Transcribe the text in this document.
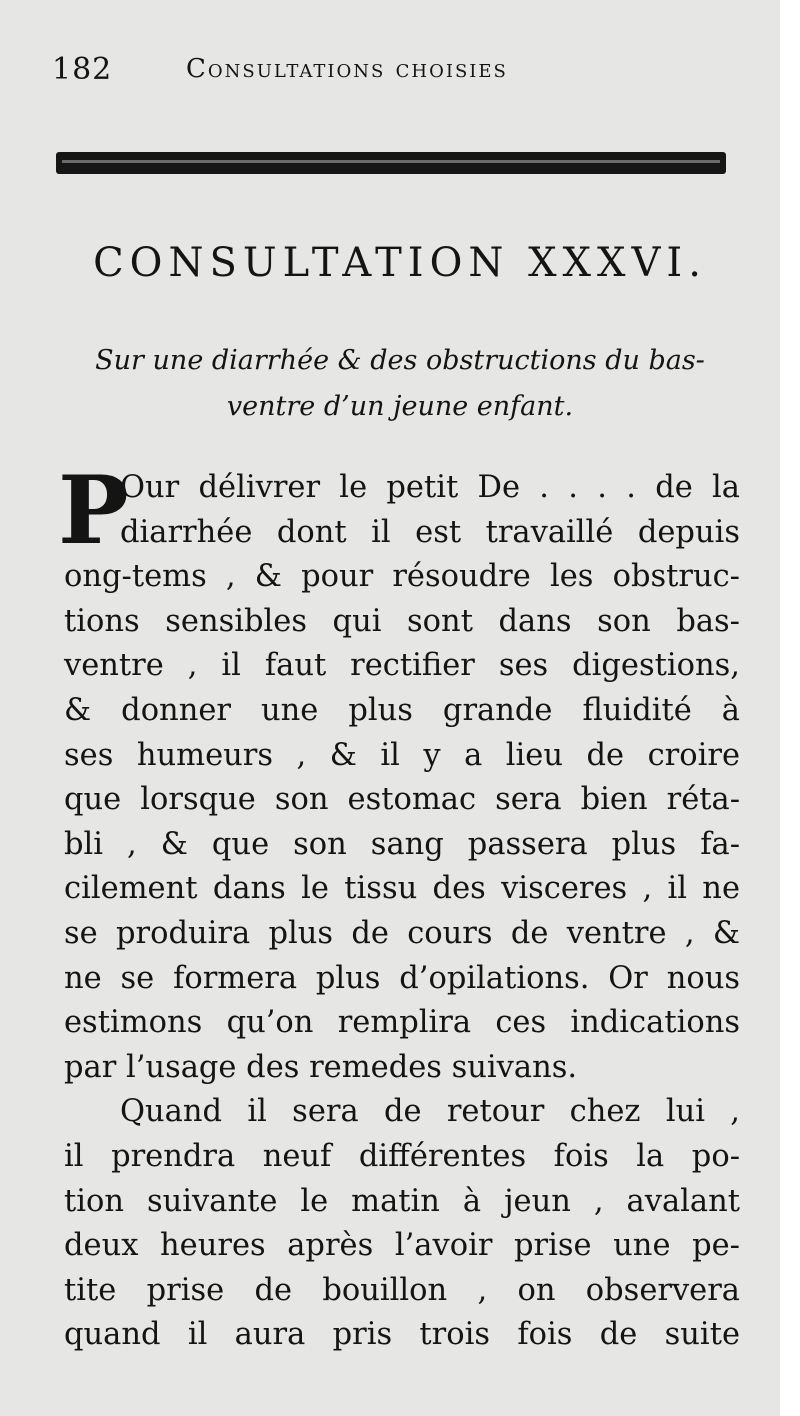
182	Consultations choisies
CONSULTATION XXXVI.
Sur une diarrhée & des obstructions du bas-
ventre d’un jeune enfant.
P
Our délivrer le petit De . . . . de la
diarrhée dont il est travaillé depuis
ong-tems , & pour résoudre les obstruc-
tions sensibles qui sont dans son bas-
ventre , il faut rectifier ses digestions,
& donner une plus grande fluidité à
ses humeurs , & il y a lieu de croire
que lorsque son estomac sera bien réta-
bli , & que son sang passera plus fa-
cilement dans le tissu des visceres , il ne
se produira plus de cours de ventre , &
ne se formera plus d’opilations. Or nous
estimons qu’on remplira ces indications
par l’usage des remedes suivans.
Quand il sera de retour chez lui ,
il prendra neuf différentes fois la po-
tion suivante le matin à jeun , avalant
deux heures après l’avoir prise une pe-
tite prise de bouillon , on observera
quand il aura pris trois fois de suite
